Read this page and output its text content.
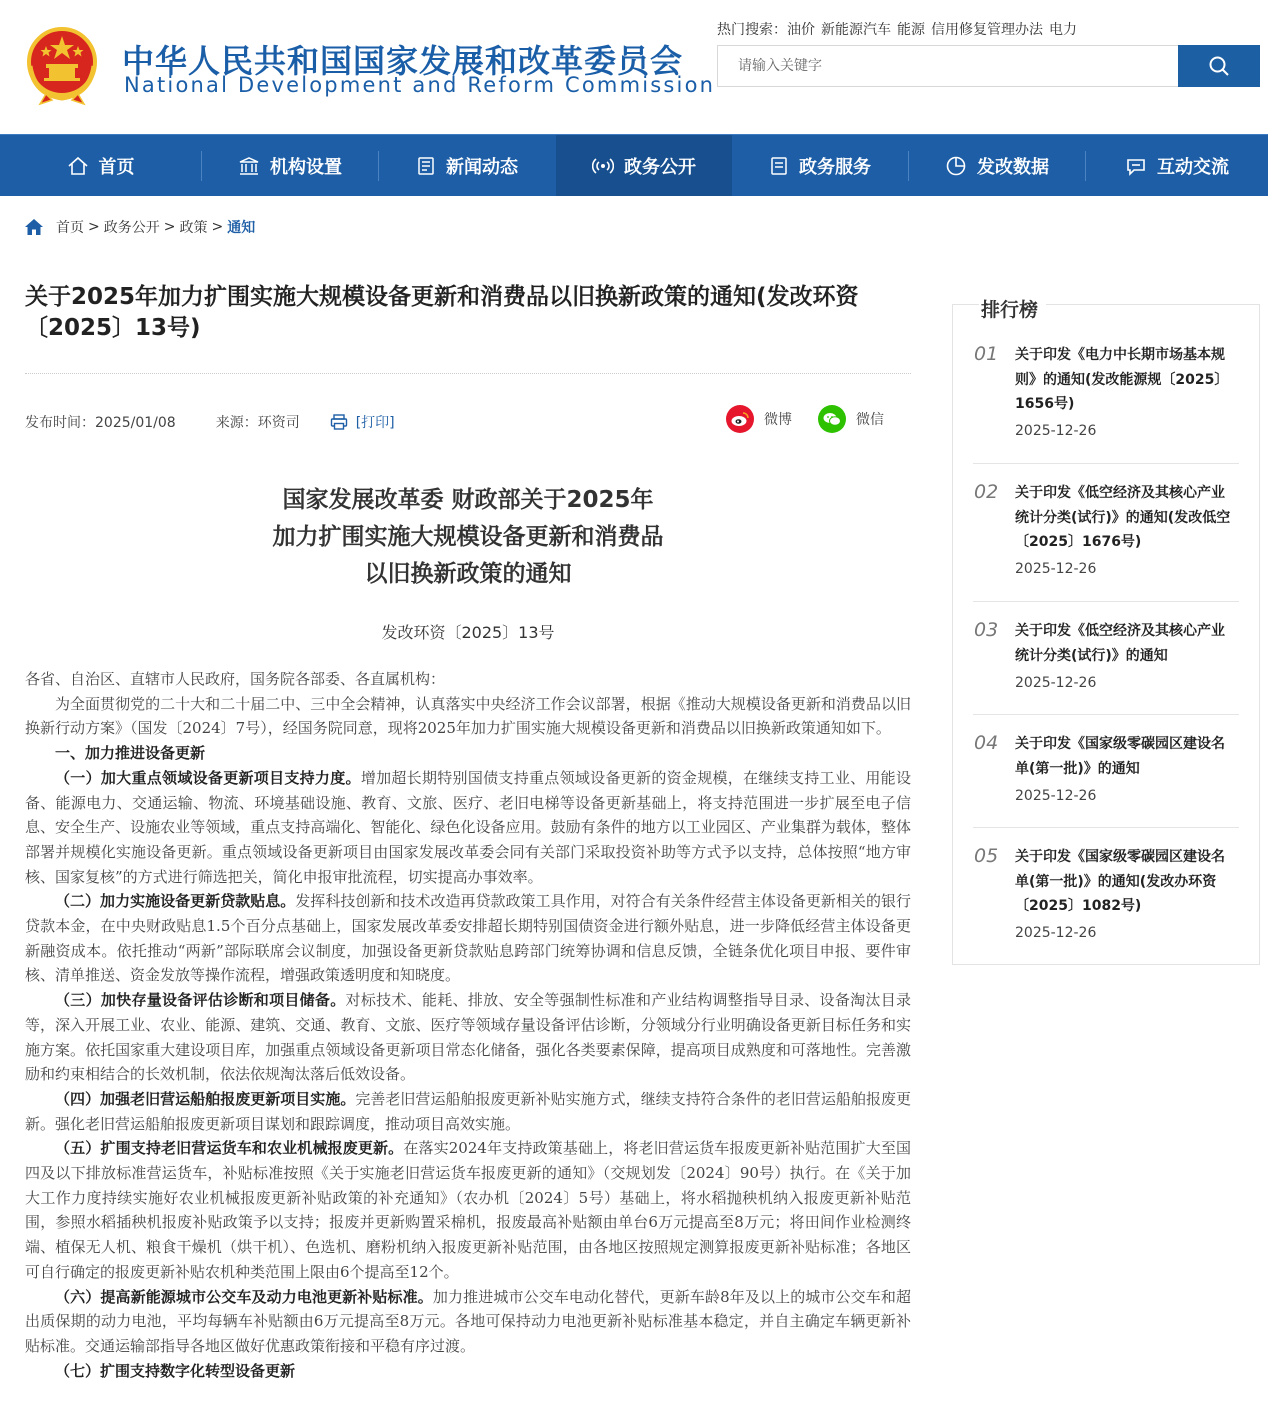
中华人民共和国国家发展和改革委员会
National Development and Reform Commission
热门搜索：油价 新能源汽车 能源 信用修复管理办法 电力
请输入关键字
首页	机构设置	新闻动态	政务公开	政务服务	发改数据	互动交流
首页 > 政务公开 > 政策 > 通知
关于2025年加力扩围实施大规模设备更新和消费品以旧换新政策的通知(发改环资〔2025〕13号)
发布时间：2025/01/08	来源：环资司	[打印]	微博	微信
国家发展改革委 财政部关于2025年
加力扩围实施大规模设备更新和消费品
以旧换新政策的通知
发改环资〔2025〕13号

各省、自治区、直辖市人民政府，国务院各部委、各直属机构：

为全面贯彻党的二十大和二十届二中、三中全会精神，认真落实中央经济工作会议部署，根据《推动大规模设备更新和消费品以旧换新行动方案》（国发〔2024〕7号），经国务院同意，现将2025年加力扩围实施大规模设备更新和消费品以旧换新政策通知如下。

一、加力推进设备更新

（一）加大重点领域设备更新项目支持力度。增加超长期特别国债支持重点领域设备更新的资金规模，在继续支持工业、用能设备、能源电力、交通运输、物流、环境基础设施、教育、文旅、医疗、老旧电梯等设备更新基础上，将支持范围进一步扩展至电子信息、安全生产、设施农业等领域，重点支持高端化、智能化、绿色化设备应用。鼓励有条件的地方以工业园区、产业集群为载体，整体部署并规模化实施设备更新。重点领域设备更新项目由国家发展改革委会同有关部门采取投资补助等方式予以支持，总体按照“地方审核、国家复核”的方式进行筛选把关，简化申报审批流程，切实提高办事效率。

（二）加力实施设备更新贷款贴息。发挥科技创新和技术改造再贷款政策工具作用，对符合有关条件经营主体设备更新相关的银行贷款本金，在中央财政贴息1.5个百分点基础上，国家发展改革委安排超长期特别国债资金进行额外贴息，进一步降低经营主体设备更新融资成本。依托推动“两新”部际联席会议制度，加强设备更新贷款贴息跨部门统筹协调和信息反馈，全链条优化项目申报、要件审核、清单推送、资金发放等操作流程，增强政策透明度和知晓度。

（三）加快存量设备评估诊断和项目储备。对标技术、能耗、排放、安全等强制性标准和产业结构调整指导目录、设备淘汰目录等，深入开展工业、农业、能源、建筑、交通、教育、文旅、医疗等领域存量设备评估诊断，分领域分行业明确设备更新目标任务和实施方案。依托国家重大建设项目库，加强重点领域设备更新项目常态化储备，强化各类要素保障，提高项目成熟度和可落地性。完善激励和约束相结合的长效机制，依法依规淘汰落后低效设备。

（四）加强老旧营运船舶报废更新项目实施。完善老旧营运船舶报废更新补贴实施方式，继续支持符合条件的老旧营运船舶报废更新。强化老旧营运船舶报废更新项目谋划和跟踪调度，推动项目高效实施。

（五）扩围支持老旧营运货车和农业机械报废更新。在落实2024年支持政策基础上，将老旧营运货车报废更新补贴范围扩大至国四及以下排放标准营运货车，补贴标准按照《关于实施老旧营运货车报废更新的通知》（交规划发〔2024〕90号）执行。在《关于加大工作力度持续实施好农业机械报废更新补贴政策的补充通知》（农办机〔2024〕5号）基础上，将水稻抛秧机纳入报废更新补贴范围，参照水稻插秧机报废补贴政策予以支持；报废并更新购置采棉机，报废最高补贴额由单台6万元提高至8万元；将田间作业检测终端、植保无人机、粮食干燥机（烘干机）、色选机、磨粉机纳入报废更新补贴范围，由各地区按照规定测算报废更新补贴标准；各地区可自行确定的报废更新补贴农机种类范围上限由6个提高至12个。

（六）提高新能源城市公交车及动力电池更新补贴标准。加力推进城市公交车电动化替代，更新车龄8年及以上的城市公交车和超出质保期的动力电池，平均每辆车补贴额由6万元提高至8万元。各地可保持动力电池更新补贴标准基本稳定，并自主确定车辆更新补贴标准。交通运输部指导各地区做好优惠政策衔接和平稳有序过渡。

（七）扩围支持数字化转型设备更新

排行榜
01 关于印发《电力中长期市场基本规则》的通知(发改能源规〔2025〕1656号)
2025-12-26
02 关于印发《低空经济及其核心产业统计分类(试行)》的通知(发改低空〔2025〕1676号)
2025-12-26
03 关于印发《低空经济及其核心产业统计分类(试行)》的通知
2025-12-26
04 关于印发《国家级零碳园区建设名单(第一批)》的通知
2025-12-26
05 关于印发《国家级零碳园区建设名单(第一批)》的通知(发改办环资〔2025〕1082号)
2025-12-26
